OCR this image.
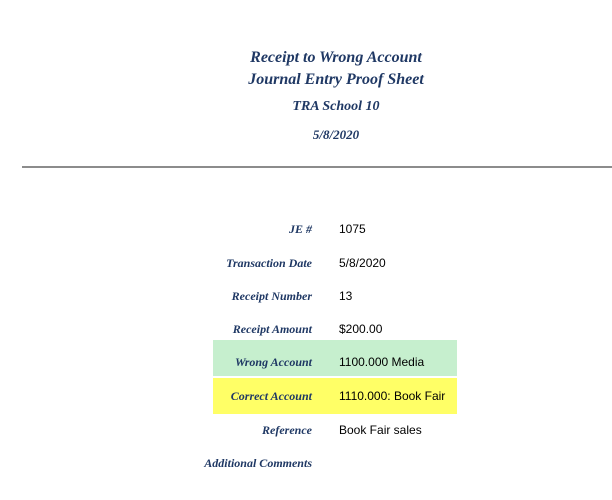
Receipt to Wrong Account
Journal Entry Proof Sheet
TRA School 10
5/8/2020
JE # 1075
Transaction Date 5/8/2020
Receipt Number 13
Receipt Amount $200.00
Wrong Account 1100.000 Media
Correct Account 1110.000: Book Fair
Reference Book Fair sales
Additional Comments
